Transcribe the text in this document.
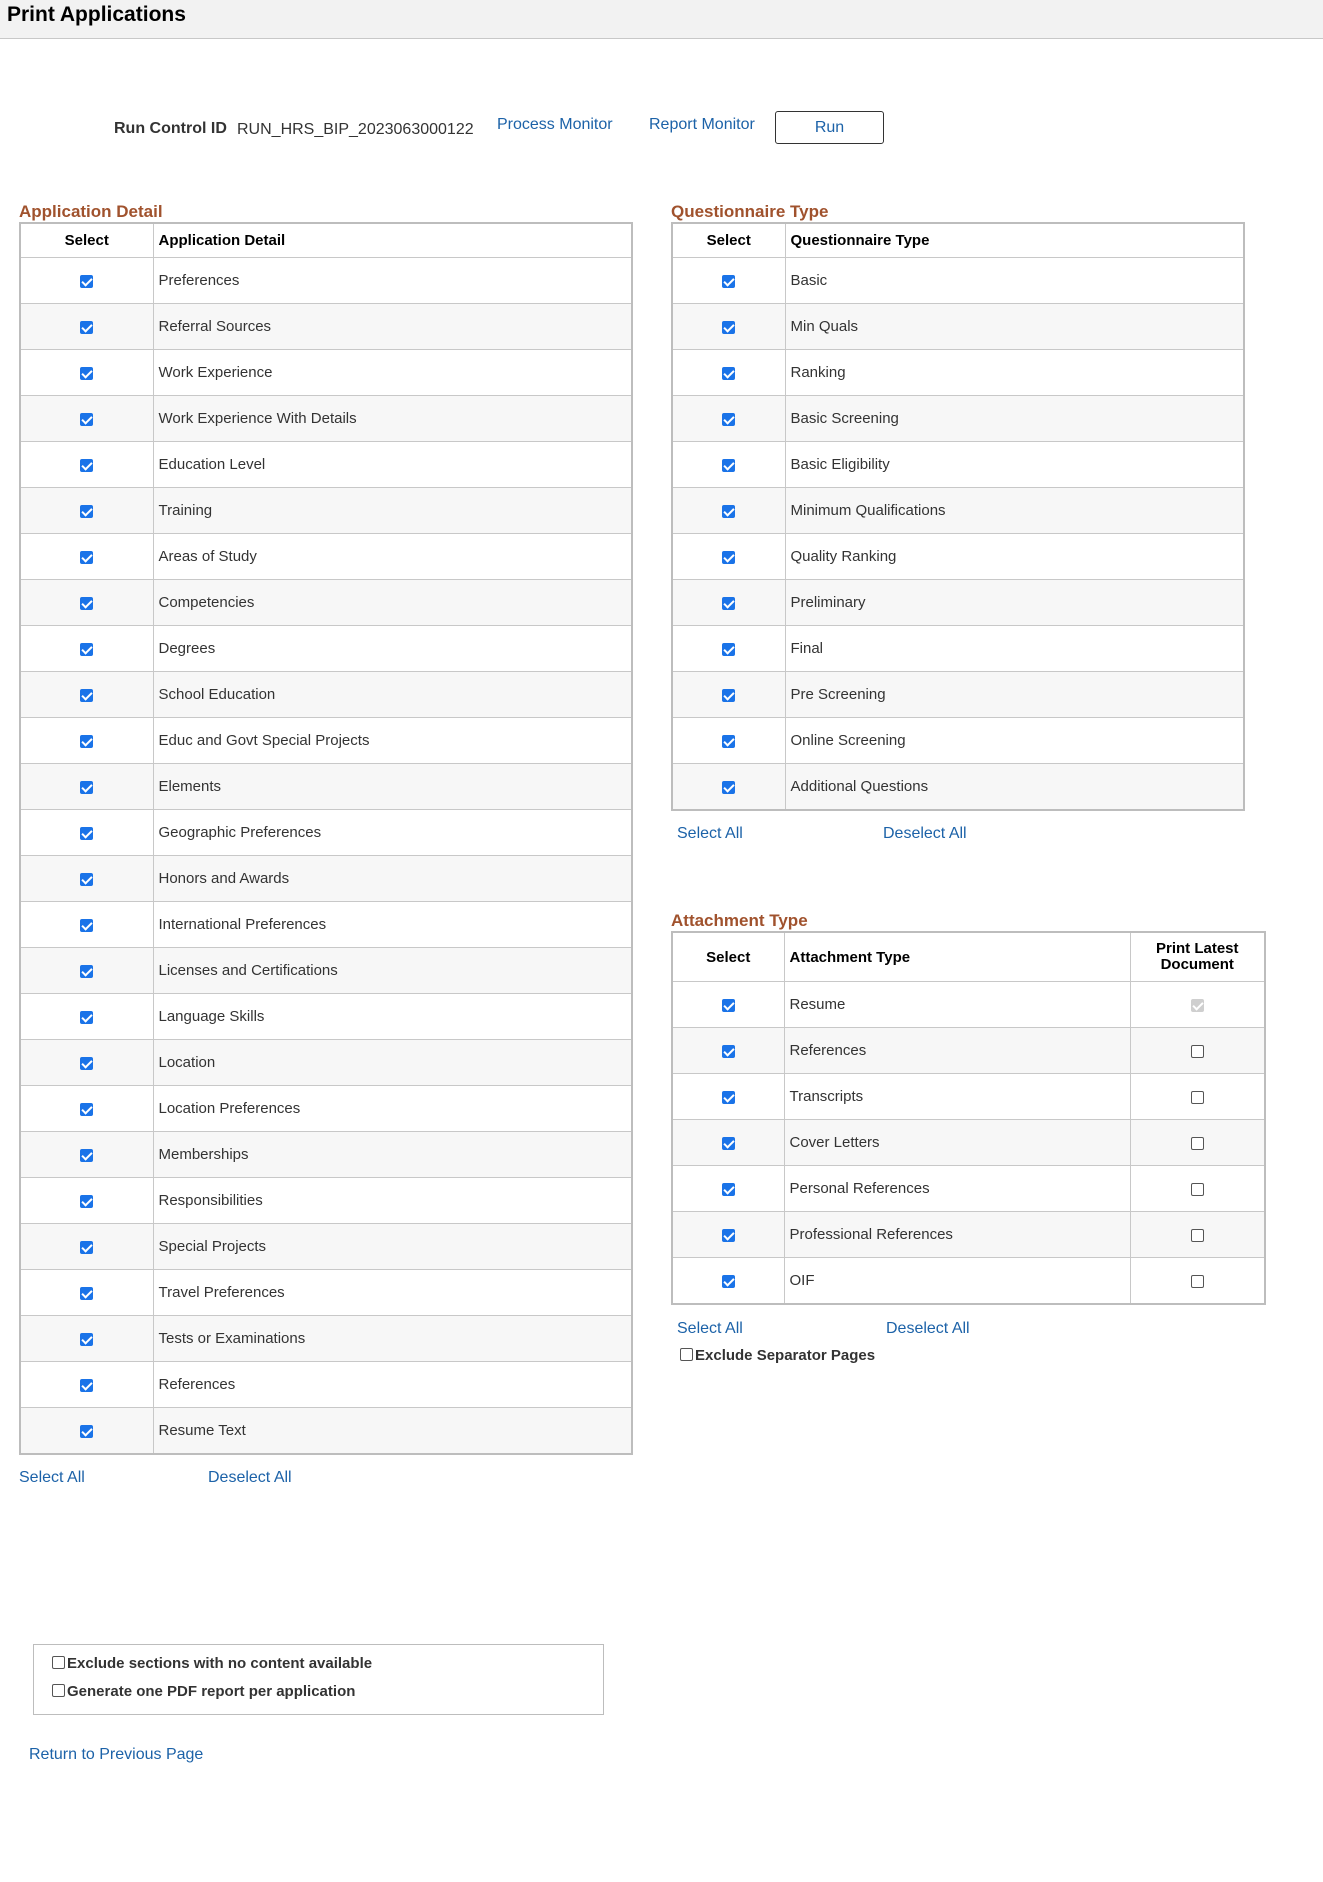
Print Applications
Run Control ID RUN_HRS_BIP_2023063000122 Process Monitor Report Monitor	Run
Application Detail
Select	Application Detail
	Preferences
	Referral Sources
	Work Experience
	Work Experience With Details
	Education Level
	Training
	Areas of Study
	Competencies
	Degrees
	School Education
	Educ and Govt Special Projects
	Elements
	Geographic Preferences
	Honors and Awards
	International Preferences
	Licenses and Certifications
	Language Skills
	Location
	Location Preferences
	Memberships
	Responsibilities
	Special Projects
	Travel Preferences
	Tests or Examinations
	References
	Resume Text
Select All	Deselect All
Questionnaire Type
Select	Questionnaire Type
	Basic
	Min Quals
	Ranking
	Basic Screening
	Basic Eligibility
	Minimum Qualifications
	Quality Ranking
	Preliminary
	Final
	Pre Screening
	Online Screening
	Additional Questions
Select All	Deselect All
Attachment Type
Select	Attachment Type	Print Latest
Document
	Resume	
	References	
	Transcripts	
	Cover Letters	
	Personal References	
	Professional References	
	OIF	
Select All	Deselect All
Exclude Separator Pages
Exclude sections with no content available
Generate one PDF report per application
Return to Previous Page
